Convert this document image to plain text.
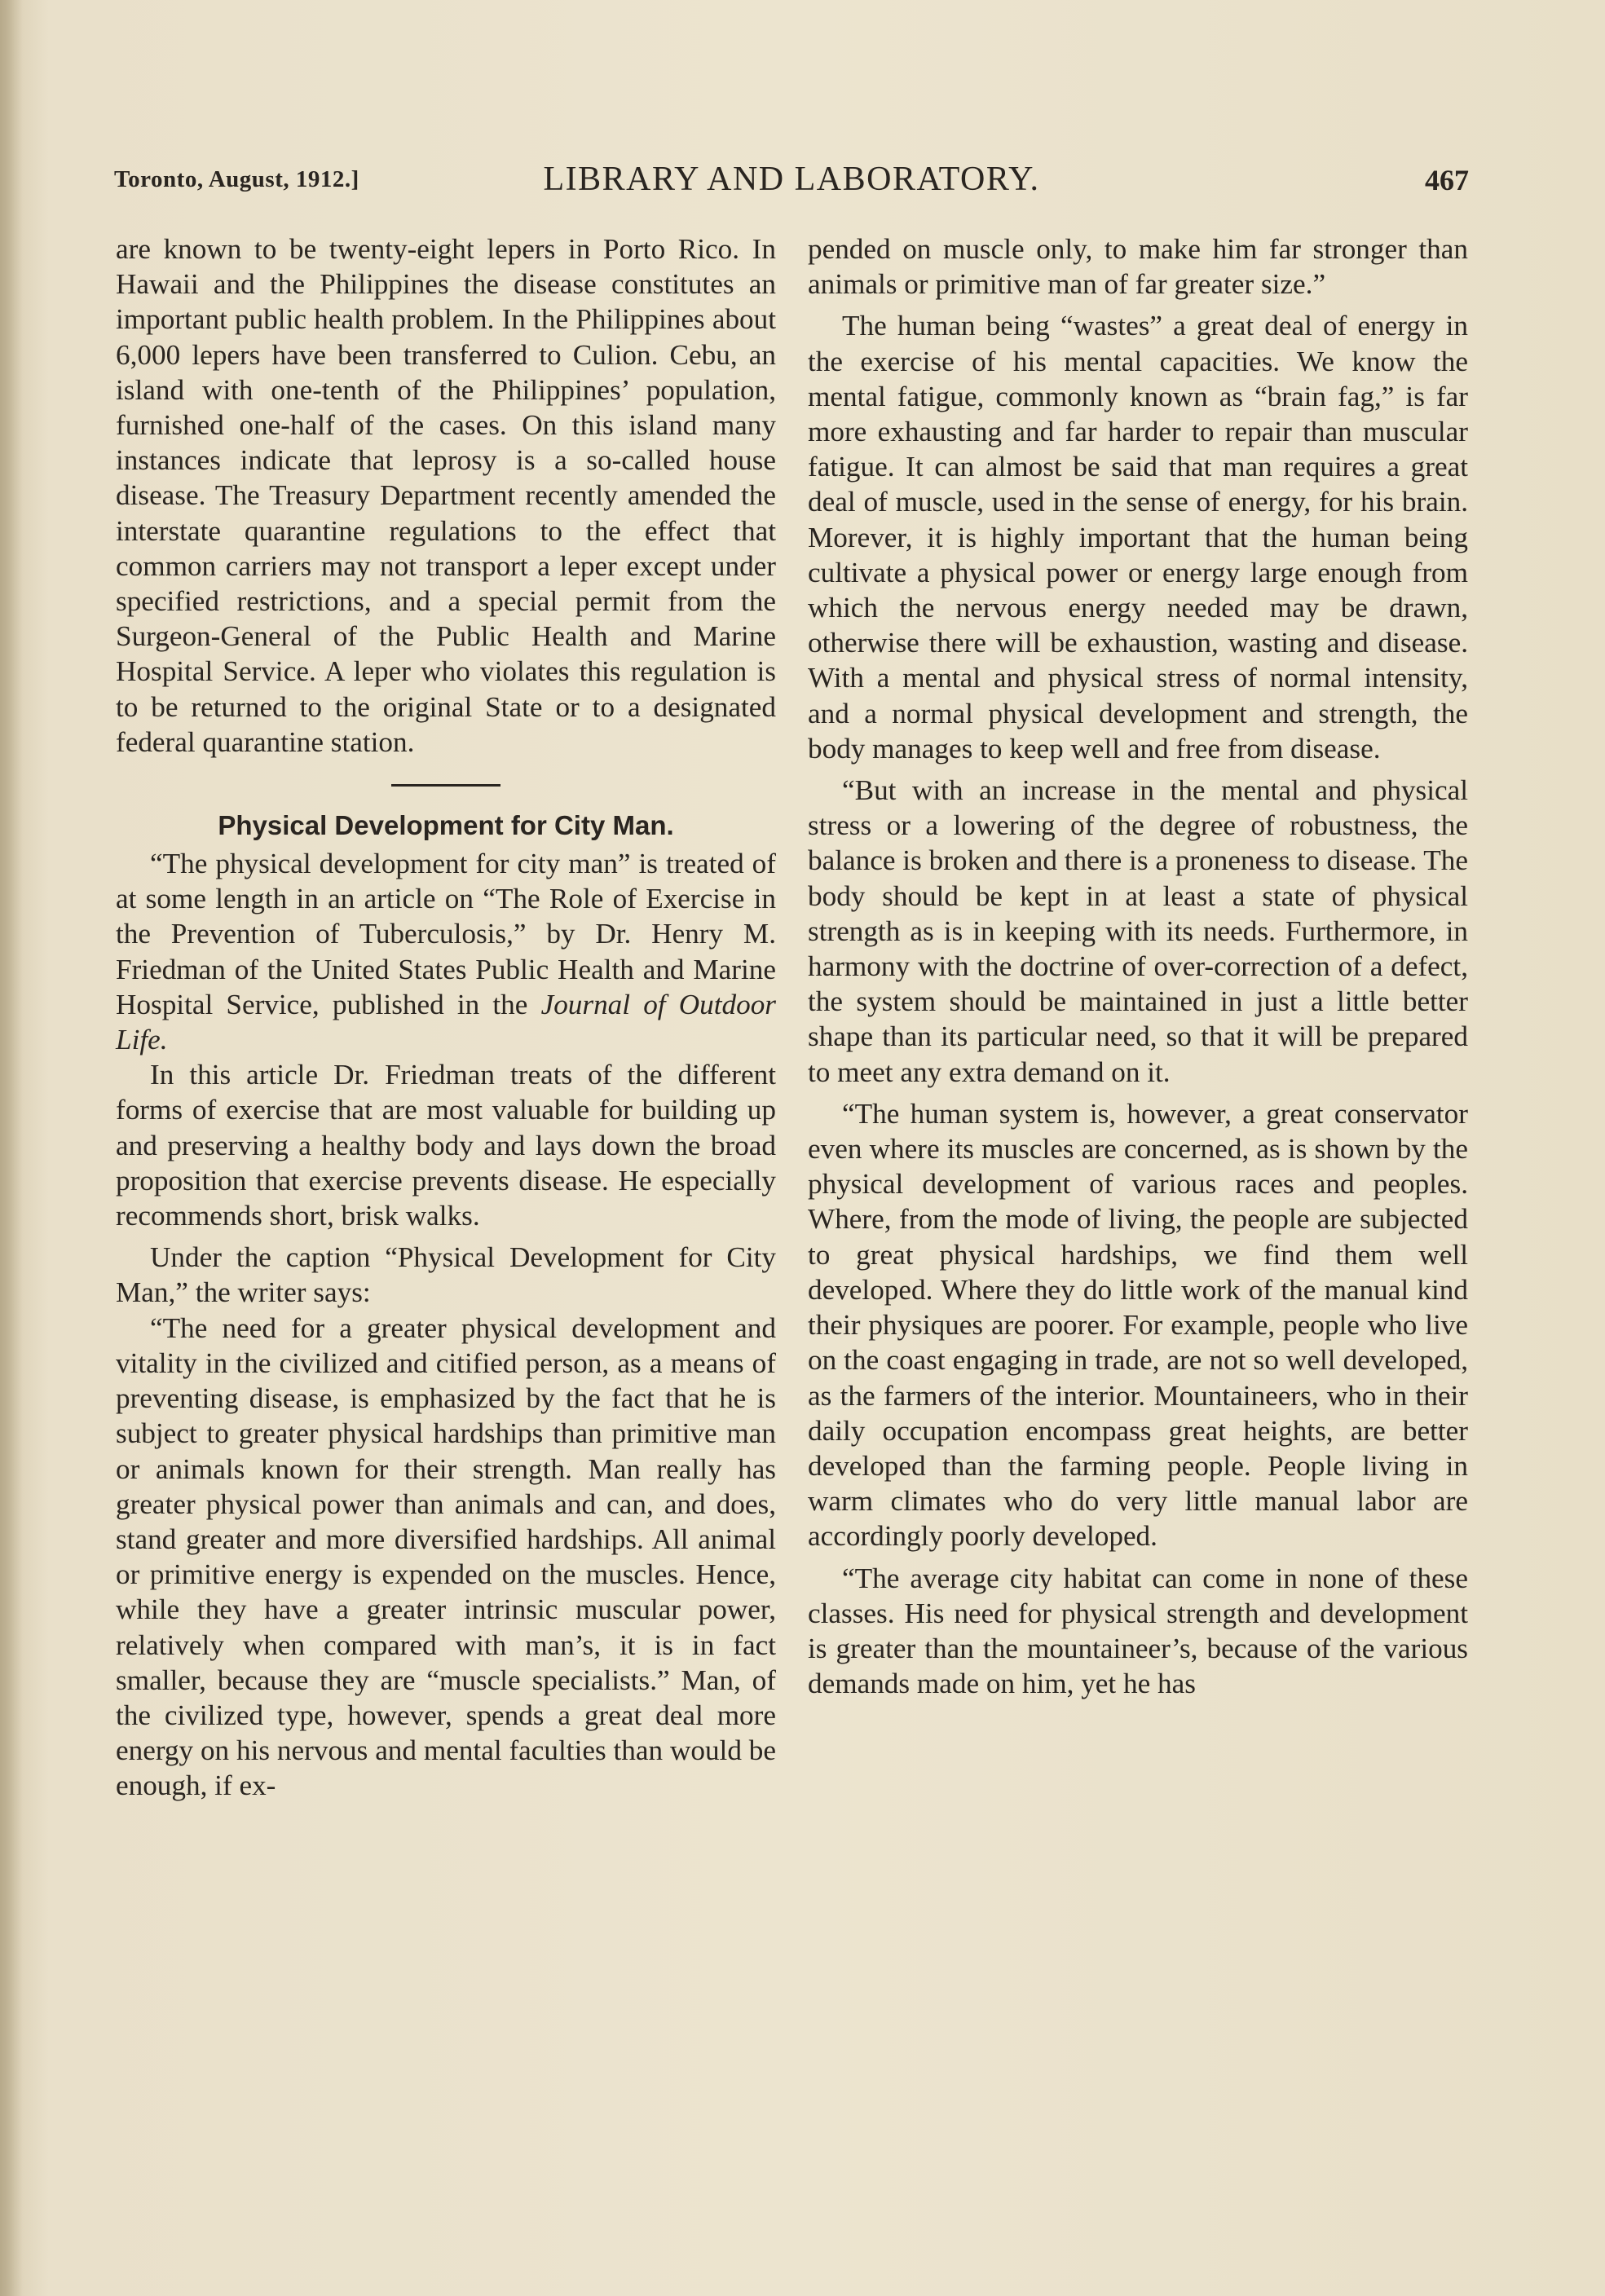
Toronto, August, 1912.]	LIBRARY AND LABORATORY.	467

are known to be twenty-eight lepers in Porto Rico. In Hawaii and the Philippines the disease constitutes an important public health problem. In the Philippines about 6,000 lepers have been transferred to Culion. Cebu, an island with one-tenth of the Philippines’ population, furnished one-half of the cases. On this island many instances indicate that leprosy is a so-called house disease. The Treasury Department recently amended the interstate quarantine regulations to the effect that common carriers may not transport a leper except under specified restrictions, and a special permit from the Surgeon-General of the Public Health and Marine Hospital Service. A leper who violates this regulation is to be returned to the original State or to a designated federal quarantine station.

Physical Development for City Man.

“The physical development for city man” is treated of at some length in an article on “The Role of Exercise in the Prevention of Tuberculosis,” by Dr. Henry M. Friedman of the United States Public Health and Marine Hospital Service, published in the Journal of Outdoor Life.

In this article Dr. Friedman treats of the different forms of exercise that are most valuable for building up and preserving a healthy body and lays down the broad proposition that exercise prevents disease. He especially recommends short, brisk walks.

Under the caption “Physical Development for City Man,” the writer says:

“The need for a greater physical development and vitality in the civilized and citified person, as a means of preventing disease, is emphasized by the fact that he is subject to greater physical hardships than primitive man or animals known for their strength. Man really has greater physical power than animals and can, and does, stand greater and more diversified hardships. All animal or primitive energy is expended on the muscles. Hence, while they have a greater intrinsic muscular power, relatively when compared with man’s, it is in fact smaller, because they are “muscle specialists.” Man, of the civilized type, however, spends a great deal more energy on his nervous and mental faculties than would be enough, if ex-

pended on muscle only, to make him far stronger than animals or primitive man of far greater size.”

The human being “wastes” a great deal of energy in the exercise of his mental capacities. We know the mental fatigue, commonly known as “brain fag,” is far more exhausting and far harder to repair than muscular fatigue. It can almost be said that man requires a great deal of muscle, used in the sense of energy, for his brain. Morever, it is highly important that the human being cultivate a physical power or energy large enough from which the nervous energy needed may be drawn, otherwise there will be exhaustion, wasting and disease. With a mental and physical stress of normal intensity, and a normal physical development and strength, the body manages to keep well and free from disease.

“But with an increase in the mental and physical stress or a lowering of the degree of robustness, the balance is broken and there is a proneness to disease. The body should be kept in at least a state of physical strength as is in keeping with its needs. Furthermore, in harmony with the doctrine of over-correction of a defect, the system should be maintained in just a little better shape than its particular need, so that it will be prepared to meet any extra demand on it.

“The human system is, however, a great conservator even where its muscles are concerned, as is shown by the physical development of various races and peoples. Where, from the mode of living, the people are subjected to great physical hardships, we find them well developed. Where they do little work of the manual kind their physiques are poorer. For example, people who live on the coast engaging in trade, are not so well developed, as the farmers of the interior. Mountaineers, who in their daily occupation encompass great heights, are better developed than the farming people. People living in warm climates who do very little manual labor are accordingly poorly developed.

“The average city habitat can come in none of these classes. His need for physical strength and development is greater than the mountaineer’s, because of the various demands made on him, yet he has
